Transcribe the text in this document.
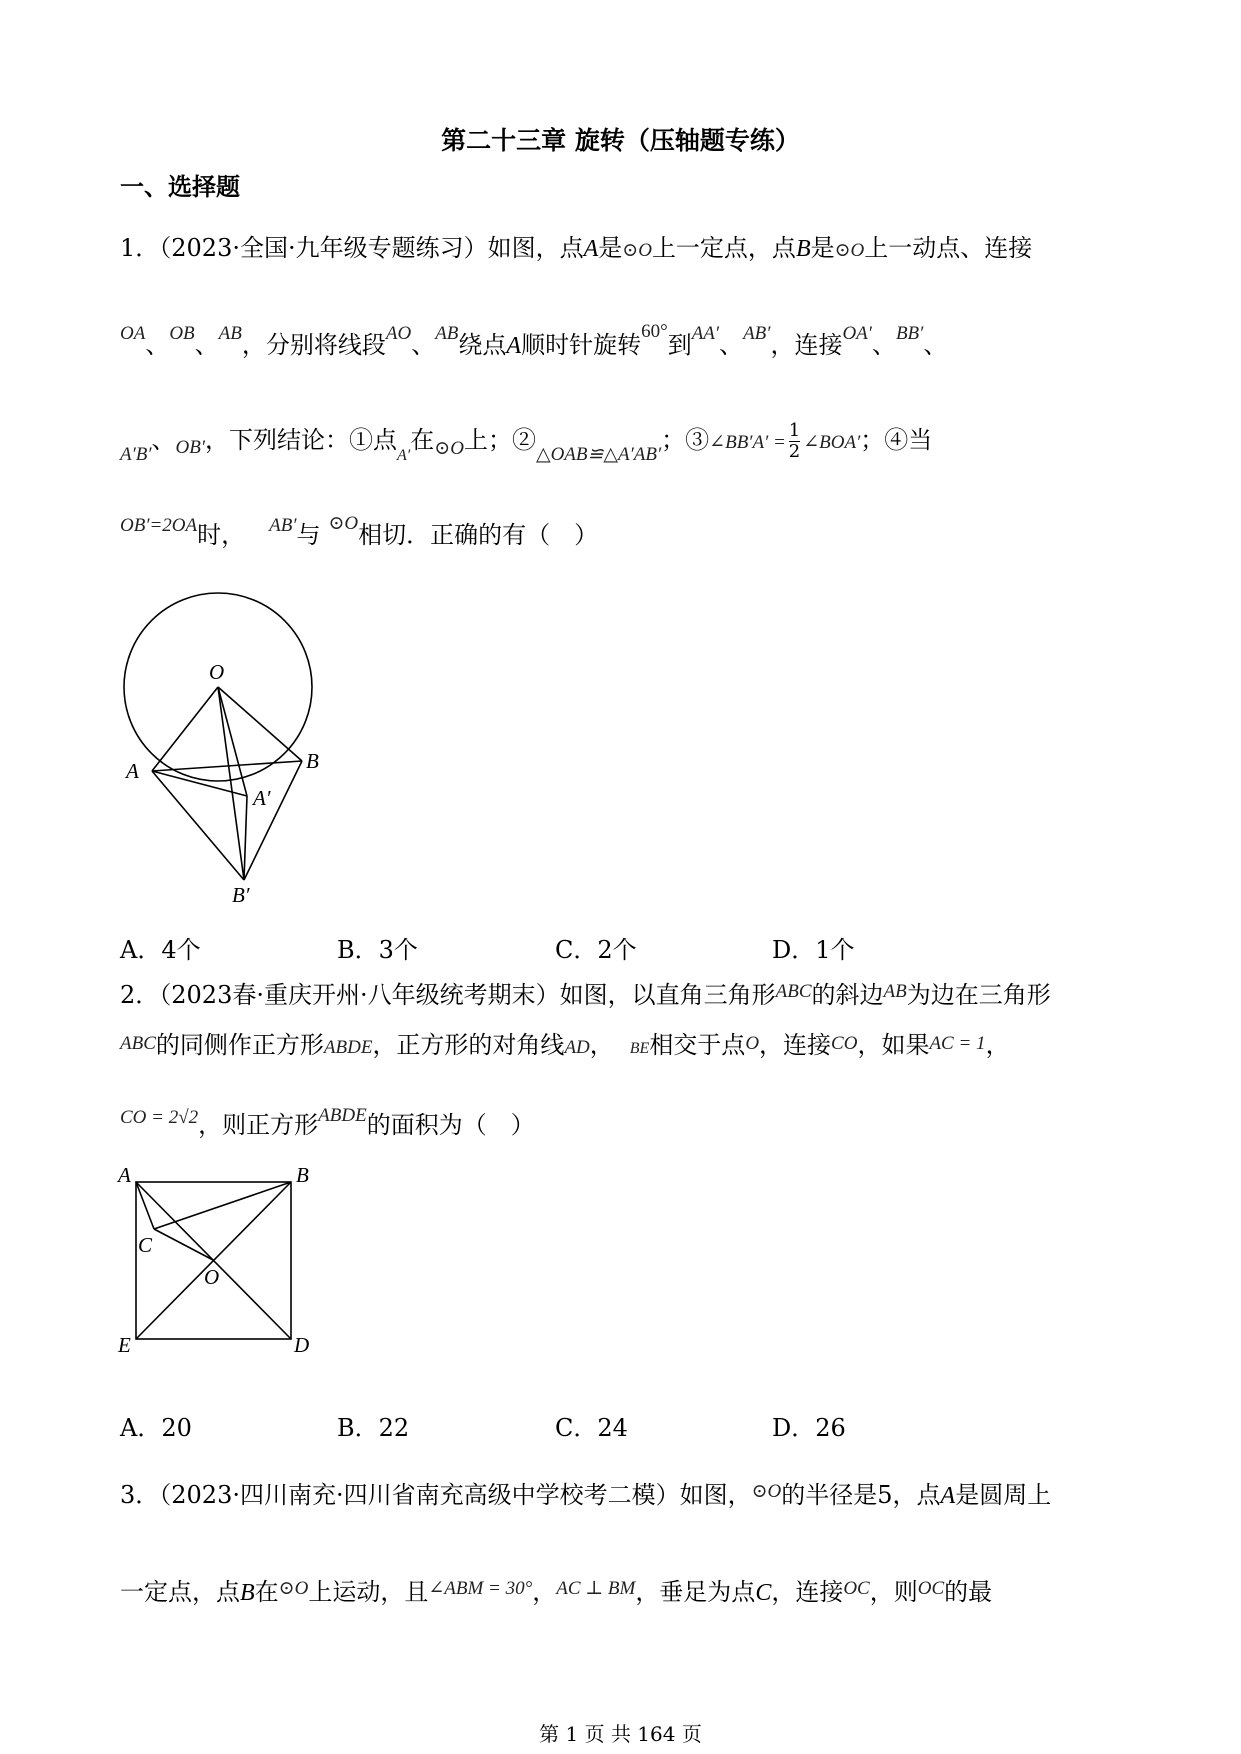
第二十三章 旋转（压轴题专练）
一、选择题
1．（2023·全国·九年级专题练习）如图，点A是⊙O上一定点，点B是⊙O上一动点、连接
$^{OA}$、$^{OB}$、$^{AB}$，分别将线段$^{AO}$、$^{AB}$绕点A顺时针旋转$^{60^\circ}$到$^{AA'}$、$^{AB'}$，连接$^{OA'}$、$^{BB'}$、
$_{A'B'}$、$_{OB'}$，下列结论：①点$_{A'}$在$_{⊙O}$上；$②_{\triangle OAB≌\triangle A'AB'}$；③∠BB′A′ = $\frac{1}{2}$ ∠BOA′；④当
$^{OB'=2OA}$时， $^{AB'}$与 $^{⊙O}$相切．正确的有（　）
O
A	B
A′
B′
A．4个	B．3个	C．2个	D．1个
2．（2023春·重庆开州·八年级统考期末）如图，以直角三角形$^{ABC}$的斜边$^{AB}$为边在三角形
ABC的同侧作正方形ABDE，正方形的对角线AD， BE相交于点O，连接CO，如果AC = 1，
$^{CO = 2√2}$，则正方形$^{ABDE}$的面积为（　）
A	B
C
O
E	D
A．20	B．22	C．24	D．26
3．（2023·四川南充·四川省南充高级中学校考二模）如图，$^{⊙O}$的半径是5，点A是圆周上
一定点，点B在$^{⊙O}$上运动，且$^{\angle ABM = 30^\circ}$，$^{AC \perp BM}$，垂足为点C，连接$^{OC}$，则$^{OC}$的最
第 1 页 共 164 页
